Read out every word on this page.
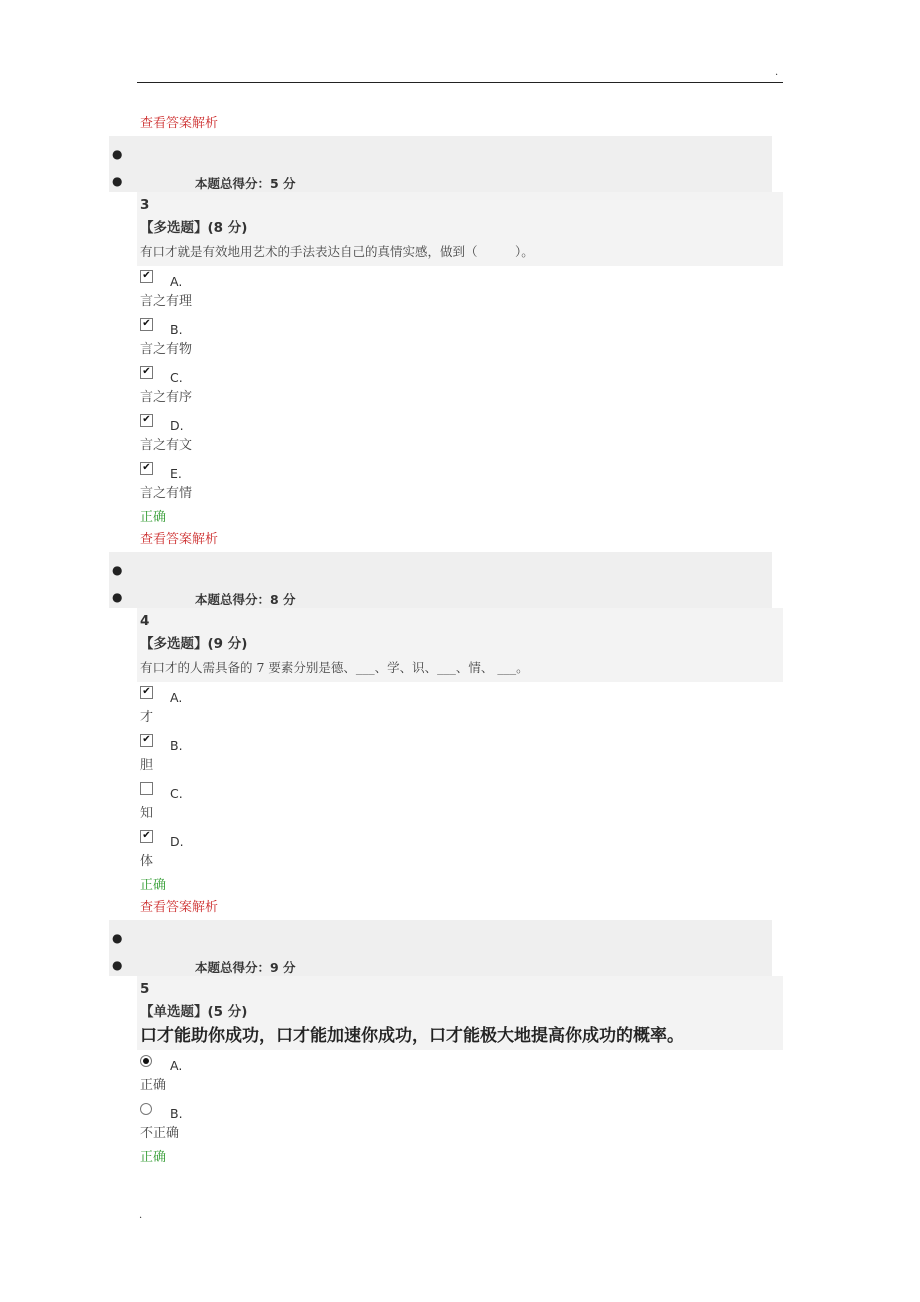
.
查看答案解析
●
●	本题总得分：5 分
3
【多选题】(8 分)
有口才就是有效地用艺术的手法表达自己的真情实感，做到（　　　）。
✔ A.
言之有理
✔ B.
言之有物
✔ C.
言之有序
✔ D.
言之有文
✔ E.
言之有情
正确
查看答案解析
●
●	本题总得分：8 分
4
【多选题】(9 分)
有口才的人需具备的 7 要素分别是德、___、学、识、___、情、 ___。
✔ A.
才
✔ B.
胆
C.
知
✔ D.
体
正确
查看答案解析
●
●	本题总得分：9 分
5
【单选题】(5 分)
口才能助你成功，口才能加速你成功，口才能极大地提高你成功的概率。
A.
正确
B.
不正确
正确
.
